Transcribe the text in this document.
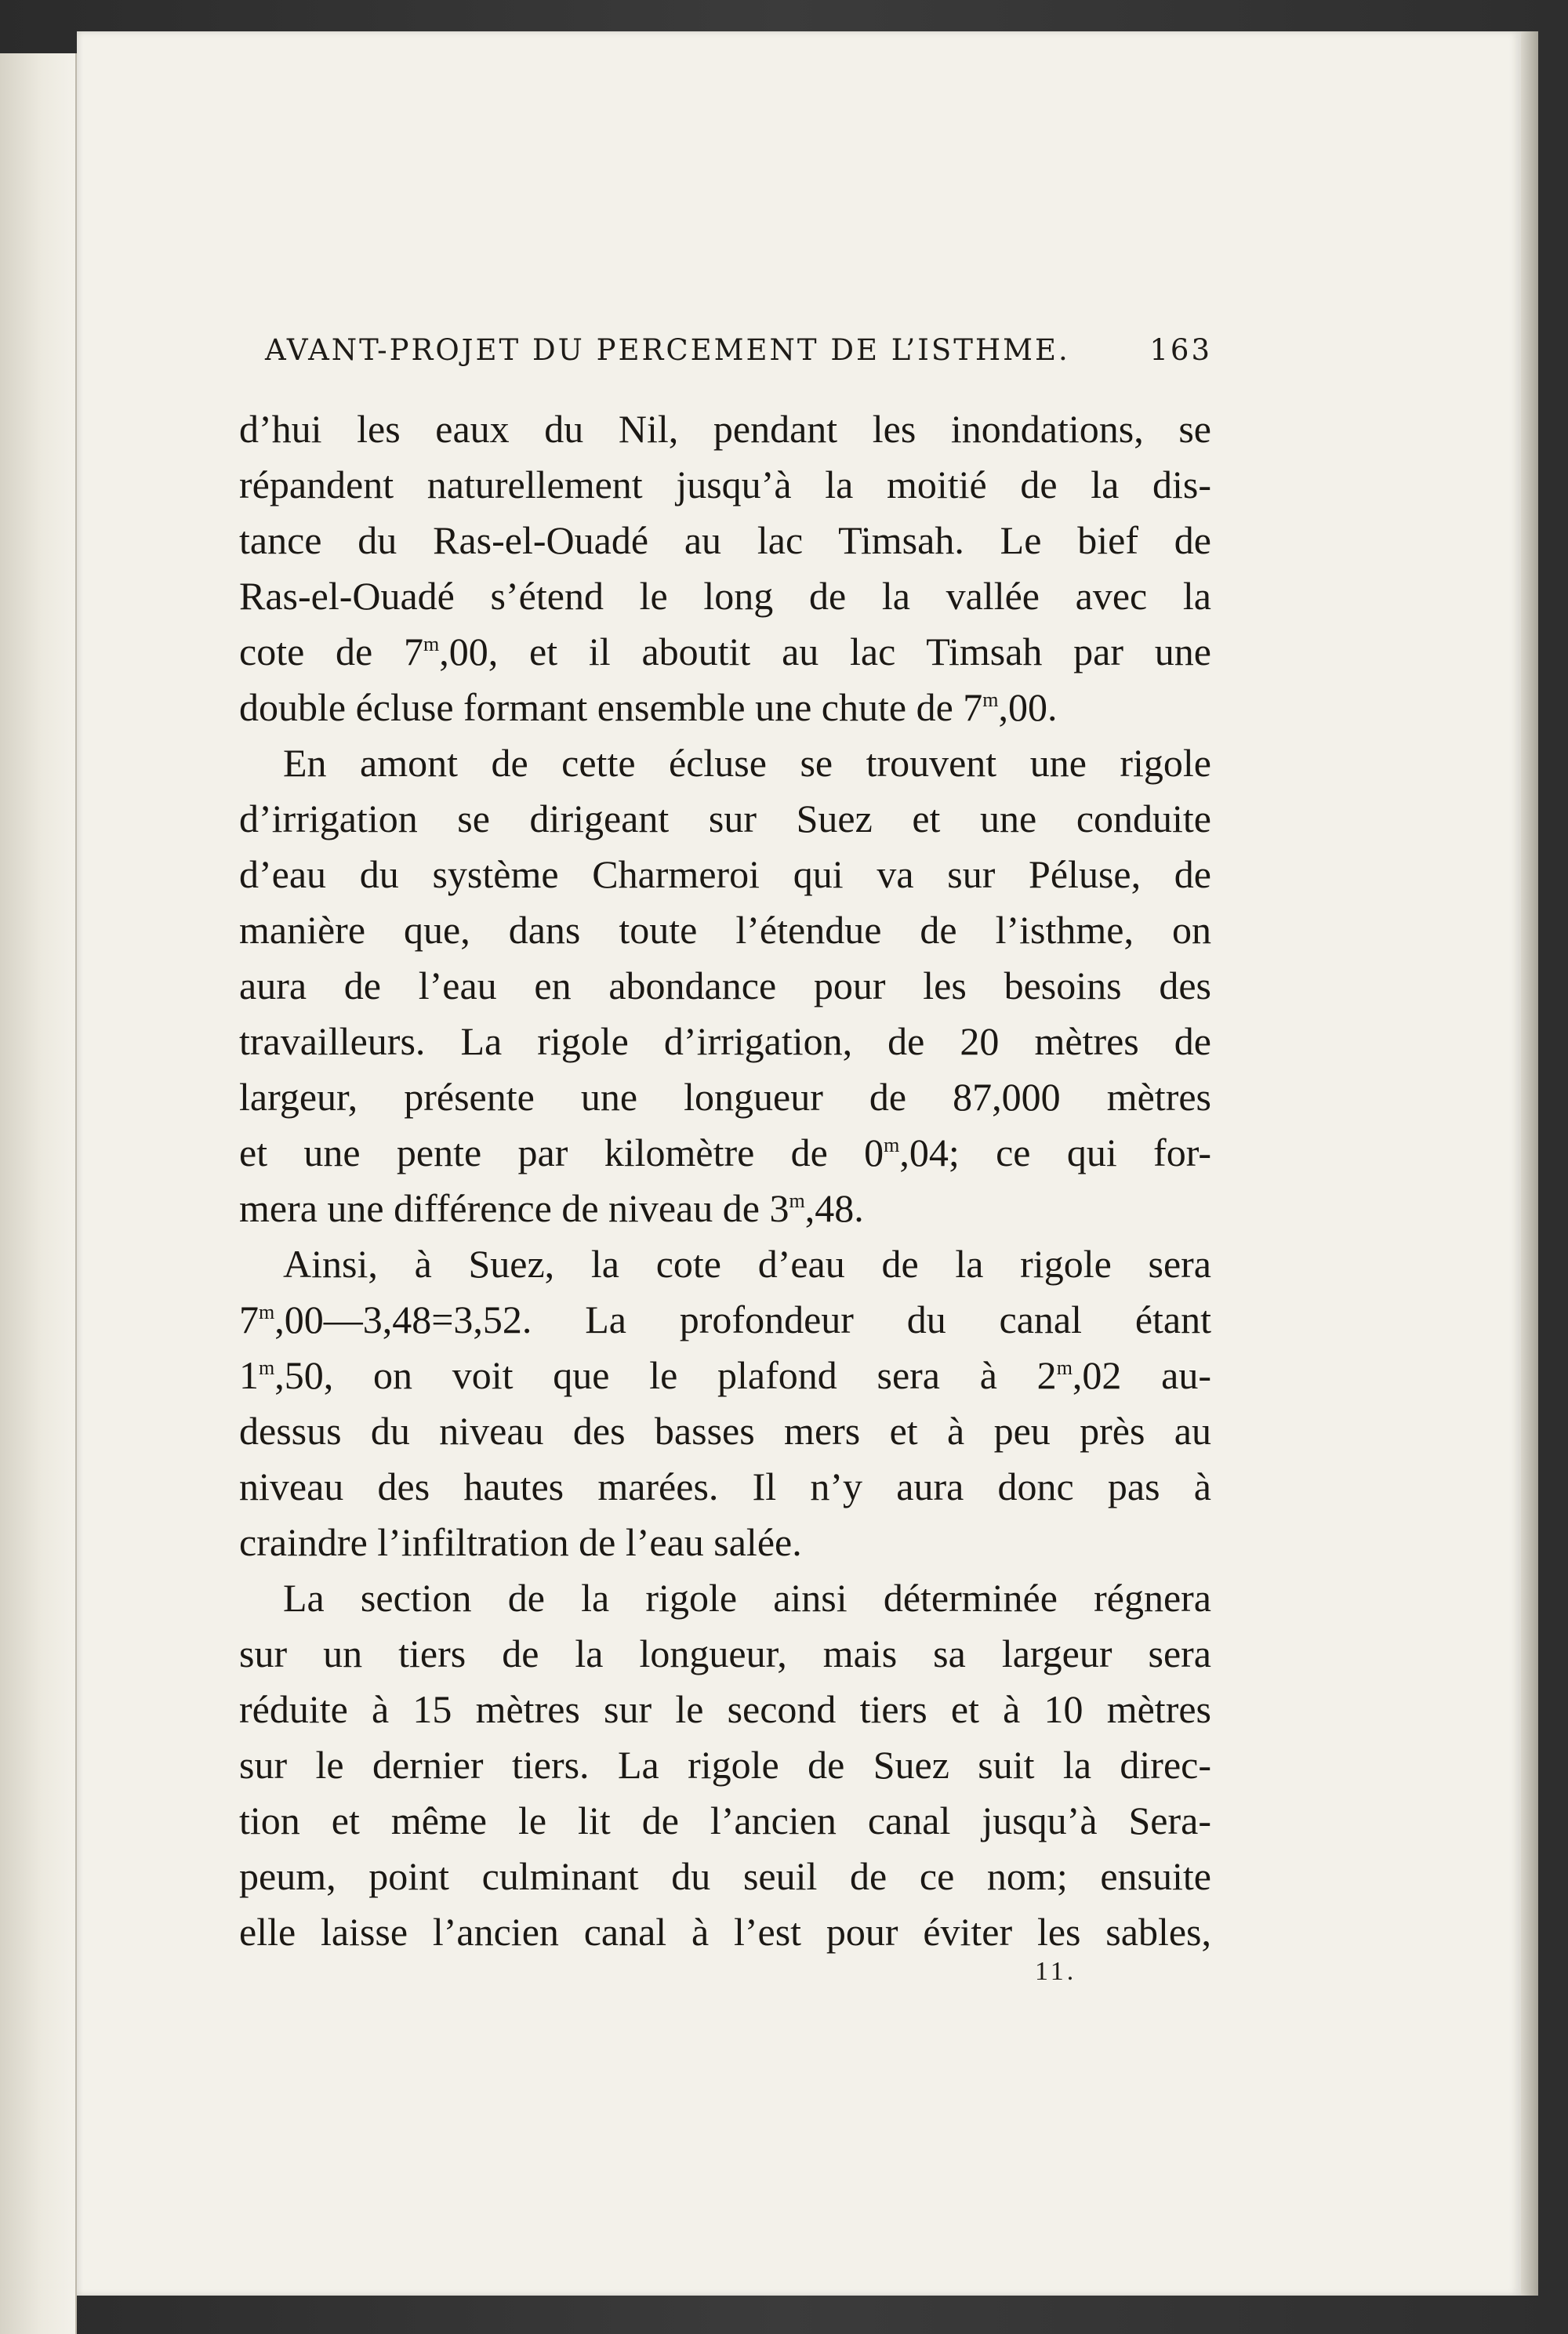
AVANT-PROJET DU PERCEMENT DE L’ISTHME.	163
d’hui les eaux du Nil, pendant les inondations, se
répandent naturellement jusqu’à la moitié de la dis-
tance du Ras-el-Ouadé au lac Timsah. Le bief de
Ras-el-Ouadé s’étend le long de la vallée avec la
cote de 7$^m$,00, et il aboutit au lac Timsah par une
double écluse formant ensemble une chute de 7$^m$,00.
En amont de cette écluse se trouvent une rigole
d’irrigation se dirigeant sur Suez et une conduite
d’eau du système Charmeroi qui va sur Péluse, de
manière que, dans toute l’étendue de l’isthme, on
aura de l’eau en abondance pour les besoins des
travailleurs. La rigole d’irrigation, de 20 mètres de
largeur, présente une longueur de 87,000 mètres
et une pente par kilomètre de 0$^m$,04; ce qui for-
mera une différence de niveau de 3$^m$,48.
Ainsi, à Suez, la cote d’eau de la rigole sera
$7^m,00—3,48=3,52$. La profondeur du canal étant
1$^m$,50, on voit que le plafond sera à 2$^m$,02 au-
dessus du niveau des basses mers et à peu près au
niveau des hautes marées. Il n’y aura donc pas à
craindre l’infiltration de l’eau salée.
La section de la rigole ainsi déterminée régnera
sur un tiers de la longueur, mais sa largeur sera
réduite à 15 mètres sur le second tiers et à 10 mètres
sur le dernier tiers. La rigole de Suez suit la direc-
tion et même le lit de l’ancien canal jusqu’à Sera-
peum, point culminant du seuil de ce nom; ensuite
elle laisse l’ancien canal à l’est pour éviter les sables,
11.
